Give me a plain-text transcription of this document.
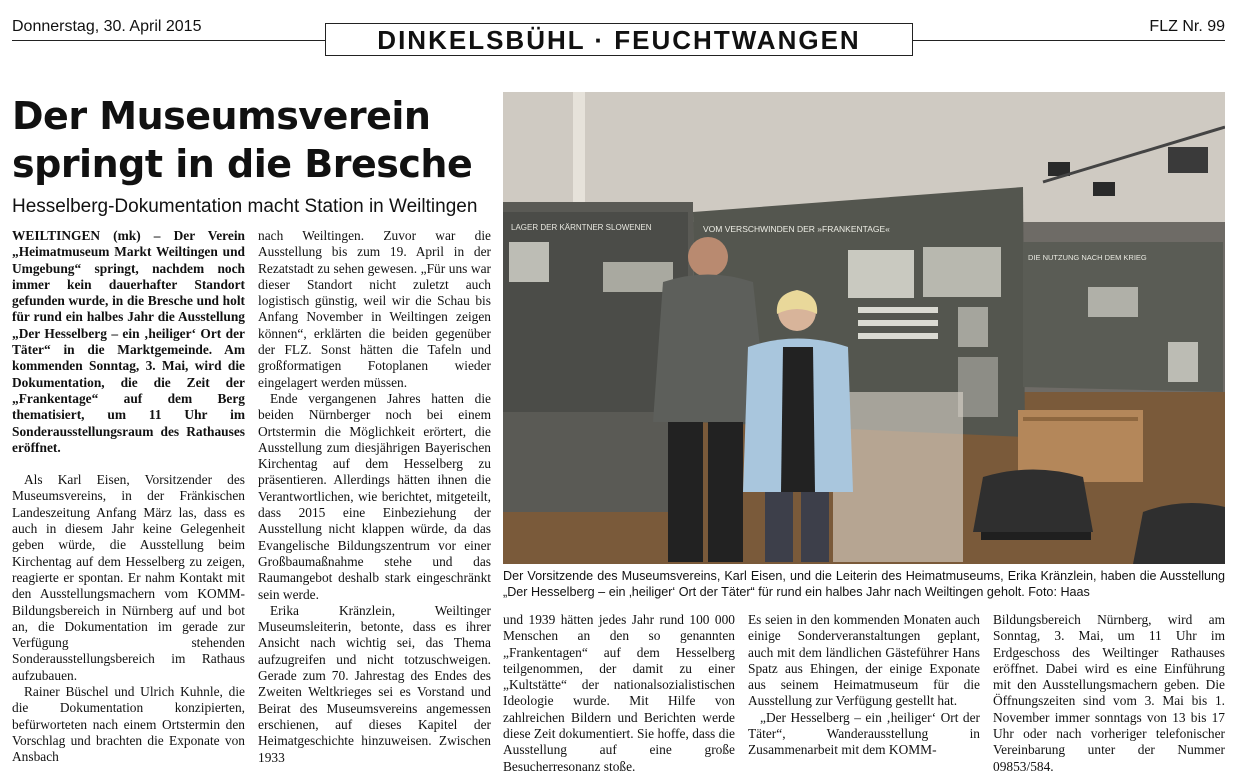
Donnerstag, 30. April 2015	DINKELSBÜHL · FEUCHTWANGEN	FLZ Nr. 99
Der Museumsverein springt in die Bresche
Hesselberg-Dokumentation macht Station in Weiltingen

WEILTINGEN (mk) – Der Verein „Heimatmuseum Markt Weiltingen und Umgebung“ springt, nachdem noch immer kein dauerhafter Standort gefunden wurde, in die Bresche und holt für rund ein halbes Jahr die Ausstellung „Der Hesselberg – ein ‚heiliger‘ Ort der Täter“ in die Marktgemeinde. Am kommenden Sonntag, 3. Mai, wird die Dokumentation, die die Zeit der „Frankentage“ auf dem Berg thematisiert, um 11 Uhr im Sonderausstellungsraum des Rathauses eröffnet.

Als Karl Eisen, Vorsitzender des Museumsvereins, in der Fränkischen Landeszeitung Anfang März las, dass es auch in diesem Jahr keine Gelegenheit geben würde, die Ausstellung beim Kirchentag auf dem Hesselberg zu zeigen, reagierte er spontan. Er nahm Kontakt mit den Ausstellungsmachern vom KOMM-Bildungsbereich in Nürnberg auf und bot an, die Dokumentation im gerade zur Verfügung stehenden Sonderausstellungsbereich im Rathaus aufzubauen.

Rainer Büschel und Ulrich Kuhnle, die die Dokumentation konzipierten, befürworteten nach einem Ortstermin den Vorschlag und brachten die Exponate von Ansbach

nach Weiltingen. Zuvor war die Ausstellung bis zum 19. April in der Rezatstadt zu sehen gewesen. „Für uns war dieser Standort nicht zuletzt auch logistisch günstig, weil wir die Schau bis Anfang November in Weiltingen zeigen können“, erklärten die beiden gegenüber der FLZ. Sonst hätten die Tafeln und großformatigen Fotoplanen wieder eingelagert werden müssen.

Ende vergangenen Jahres hatten die beiden Nürnberger noch bei einem Ortstermin die Möglichkeit erörtert, die Ausstellung zum diesjährigen Bayerischen Kirchentag auf dem Hesselberg zu präsentieren. Allerdings hätten ihnen die Verantwortlichen, wie berichtet, mitgeteilt, dass 2015 eine Einbeziehung der Ausstellung nicht klappen würde, da das Evangelische Bildungszentrum vor einer Großbaumaßnahme stehe und das Raumangebot deshalb stark eingeschränkt sein werde.

Erika Kränzlein, Weiltinger Museumsleiterin, betonte, dass es ihrer Ansicht nach wichtig sei, das Thema aufzugreifen und nicht totzuschweigen. Gerade zum 70. Jahrestag des Endes des Zweiten Weltkrieges sei es Vorstand und Beirat des Museumsvereins angemessen erschienen, auf dieses Kapitel der Heimatgeschichte hinzuweisen. Zwischen 1933

LAGER DER KÄRNTNER SLOWENEN	VOM VERSCHWINDEN DER »FRANKENTAGE«
DIE NUTZUNG NACH DEM KRIEG
Der Vorsitzende des Museumsvereins, Karl Eisen, und die Leiterin des Heimatmuseums, Erika Kränzlein, haben die Ausstellung „Der Hesselberg – ein ‚heiliger‘ Ort der Täter“ für rund ein halbes Jahr nach Weiltingen geholt. Foto: Haas

und 1939 hätten jedes Jahr rund 100 000 Menschen an den so genannten „Frankentagen“ auf dem Hesselberg teilgenommen, der damit zu einer „Kultstätte“ der nationalsozialistischen Ideologie wurde. Mit Hilfe von zahlreichen Bildern und Berichten werde diese Zeit dokumentiert. Sie hoffe, dass die Ausstellung auf eine große Besucherresonanz stoße.

Es seien in den kommenden Monaten auch einige Sonderveranstaltungen geplant, auch mit dem ländlichen Gästeführer Hans Spatz aus Ehingen, der einige Exponate aus seinem Heimatmuseum für die Ausstellung zur Verfügung gestellt hat.

„Der Hesselberg – ein ‚heiliger‘ Ort der Täter“, Wanderausstellung in Zusammenarbeit mit dem KOMM-

Bildungsbereich Nürnberg, wird am Sonntag, 3. Mai, um 11 Uhr im Erdgeschoss des Weiltinger Rathauses eröffnet. Dabei wird es eine Einführung mit den Ausstellungsmachern geben. Die Öffnungszeiten sind vom 3. Mai bis 1. November immer sonntags von 13 bis 17 Uhr oder nach vorheriger telefonischer Vereinbarung unter der Nummer 09853/584.
